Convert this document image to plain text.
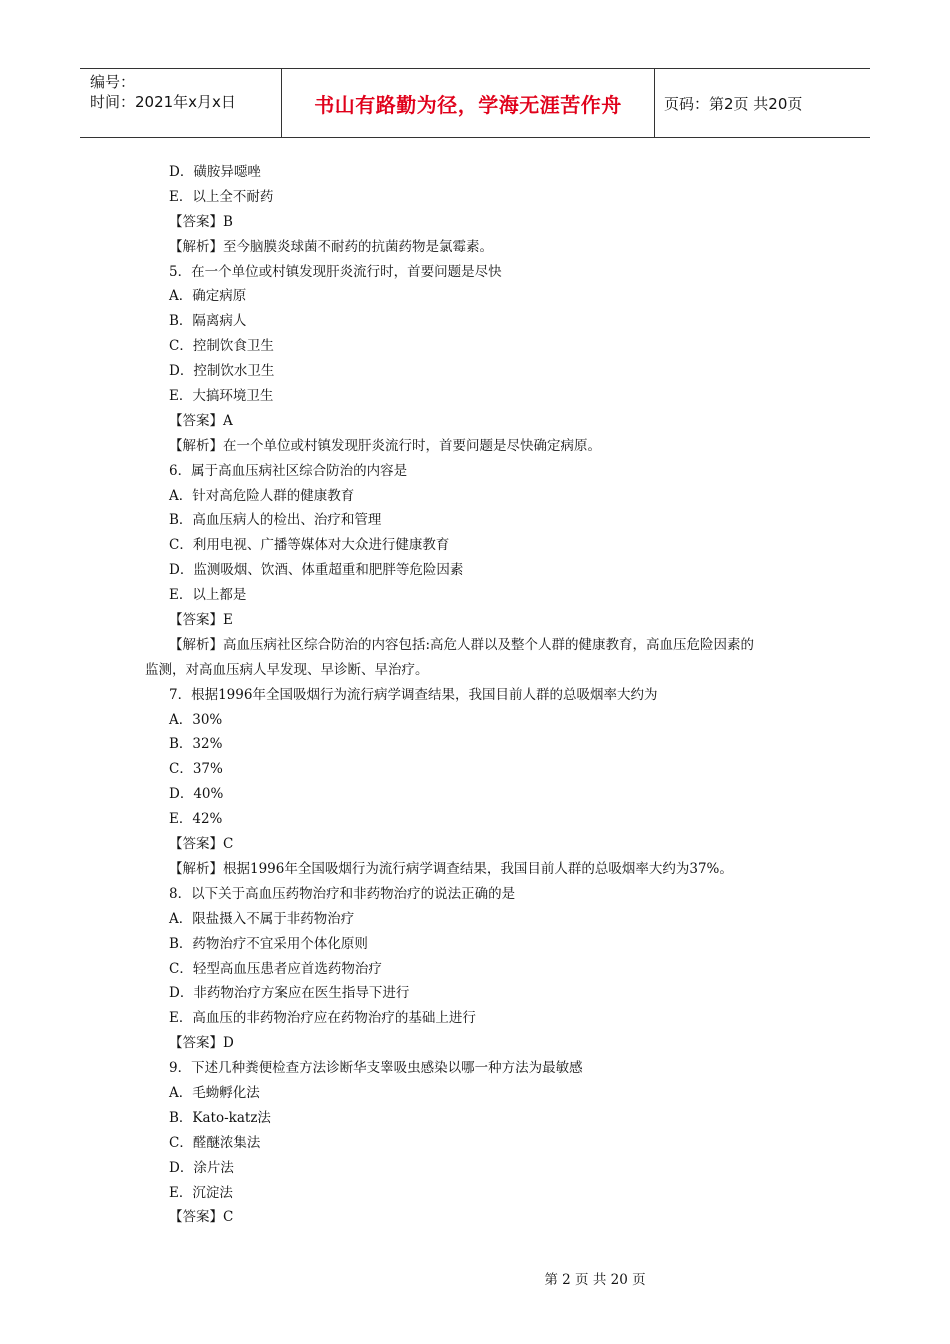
编号：
时间：2021年x月x日	书山有路勤为径，学海无涯苦作舟	页码：第2页 共20页
D．磺胺异噁唑
E．以上全不耐药
【答案】B
【解析】至今脑膜炎球菌不耐药的抗菌药物是氯霉素。
5．在一个单位或村镇发现肝炎流行时，首要问题是尽快
A．确定病原
B．隔离病人
C．控制饮食卫生
D．控制饮水卫生
E．大搞环境卫生
【答案】A
【解析】在一个单位或村镇发现肝炎流行时，首要问题是尽快确定病原。
6．属于高血压病社区综合防治的内容是
A．针对高危险人群的健康教育
B．高血压病人的检出、治疗和管理
C．利用电视、广播等媒体对大众进行健康教育
D．监测吸烟、饮酒、体重超重和肥胖等危险因素
E．以上都是
【答案】E
【解析】高血压病社区综合防治的内容包括:高危人群以及整个人群的健康教育，高血压危险因素的
监测，对高血压病人早发现、早诊断、早治疗。
7．根据1996年全国吸烟行为流行病学调查结果，我国目前人群的总吸烟率大约为
A．30%
B．32%
C．37%
D．40%
E．42%
【答案】C
【解析】根据1996年全国吸烟行为流行病学调查结果，我国目前人群的总吸烟率大约为37%。
8．以下关于高血压药物治疗和非药物治疗的说法正确的是
A．限盐摄入不属于非药物治疗
B．药物治疗不宜采用个体化原则
C．轻型高血压患者应首选药物治疗
D．非药物治疗方案应在医生指导下进行
E．高血压的非药物治疗应在药物治疗的基础上进行
【答案】D
9．下述几种粪便检查方法诊断华支睾吸虫感染以哪一种方法为最敏感
A．毛蚴孵化法
B．Kato-katz法
C．醛醚浓集法
D．涂片法
E．沉淀法
【答案】C
第 2 页 共 20 页
